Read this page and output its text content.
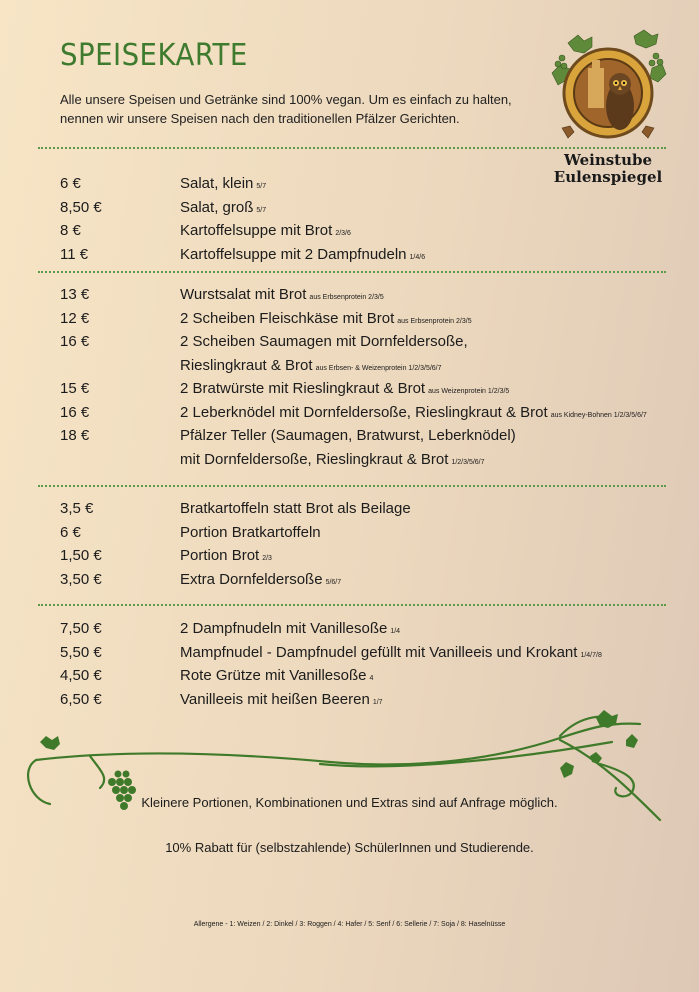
SPEISEKARTE
Alle unsere Speisen und Getränke sind 100% vegan. Um es einfach zu halten, nennen wir unsere Speisen nach den traditionellen Pfälzer Gerichten.
Weinstube
Eulenspiegel
6 €	Salat, klein 5/7
8,50 €	Salat, groß 5/7
8 €	Kartoffelsuppe mit Brot 2/3/6
11 €	Kartoffelsuppe mit 2 Dampfnudeln 1/4/6
13 €	Wurstsalat mit Brot aus Erbsenprotein 2/3/5
12 €	2 Scheiben Fleischkäse mit Brot aus Erbsenprotein 2/3/5
16 €	2 Scheiben Saumagen mit Dornfeldersoße,
Rieslingkraut & Brot aus Erbsen- & Weizenprotein 1/2/3/5/6/7
15 €	2 Bratwürste mit Rieslingkraut & Brot aus Weizenprotein 1/2/3/5
16 €	2 Leberknödel mit Dornfeldersoße, Rieslingkraut & Brot aus Kidney-Bohnen 1/2/3/5/6/7
18 €	Pfälzer Teller (Saumagen, Bratwurst, Leberknödel)
mit Dornfeldersoße, Rieslingkraut & Brot 1/2/3/5/6/7
3,5 €	Bratkartoffeln statt Brot als Beilage
6 €	Portion Bratkartoffeln
1,50 €	Portion Brot 2/3
3,50 €	Extra Dornfeldersoße 5/6/7
7,50 €	2 Dampfnudeln mit Vanillesoße 1/4
5,50 €	Mampfnudel - Dampfnudel gefüllt mit Vanilleeis und Krokant 1/4/7/8
4,50 €	Rote Grütze mit Vanillesoße 4
6,50 €	Vanilleeis mit heißen Beeren 1/7
Kleinere Portionen, Kombinationen und Extras sind auf Anfrage möglich.
10% Rabatt für (selbstzahlende) SchülerInnen und Studierende.
Allergene - 1: Weizen / 2: Dinkel / 3: Roggen / 4: Hafer / 5: Senf / 6: Sellerie / 7: Soja / 8: Haselnüsse
